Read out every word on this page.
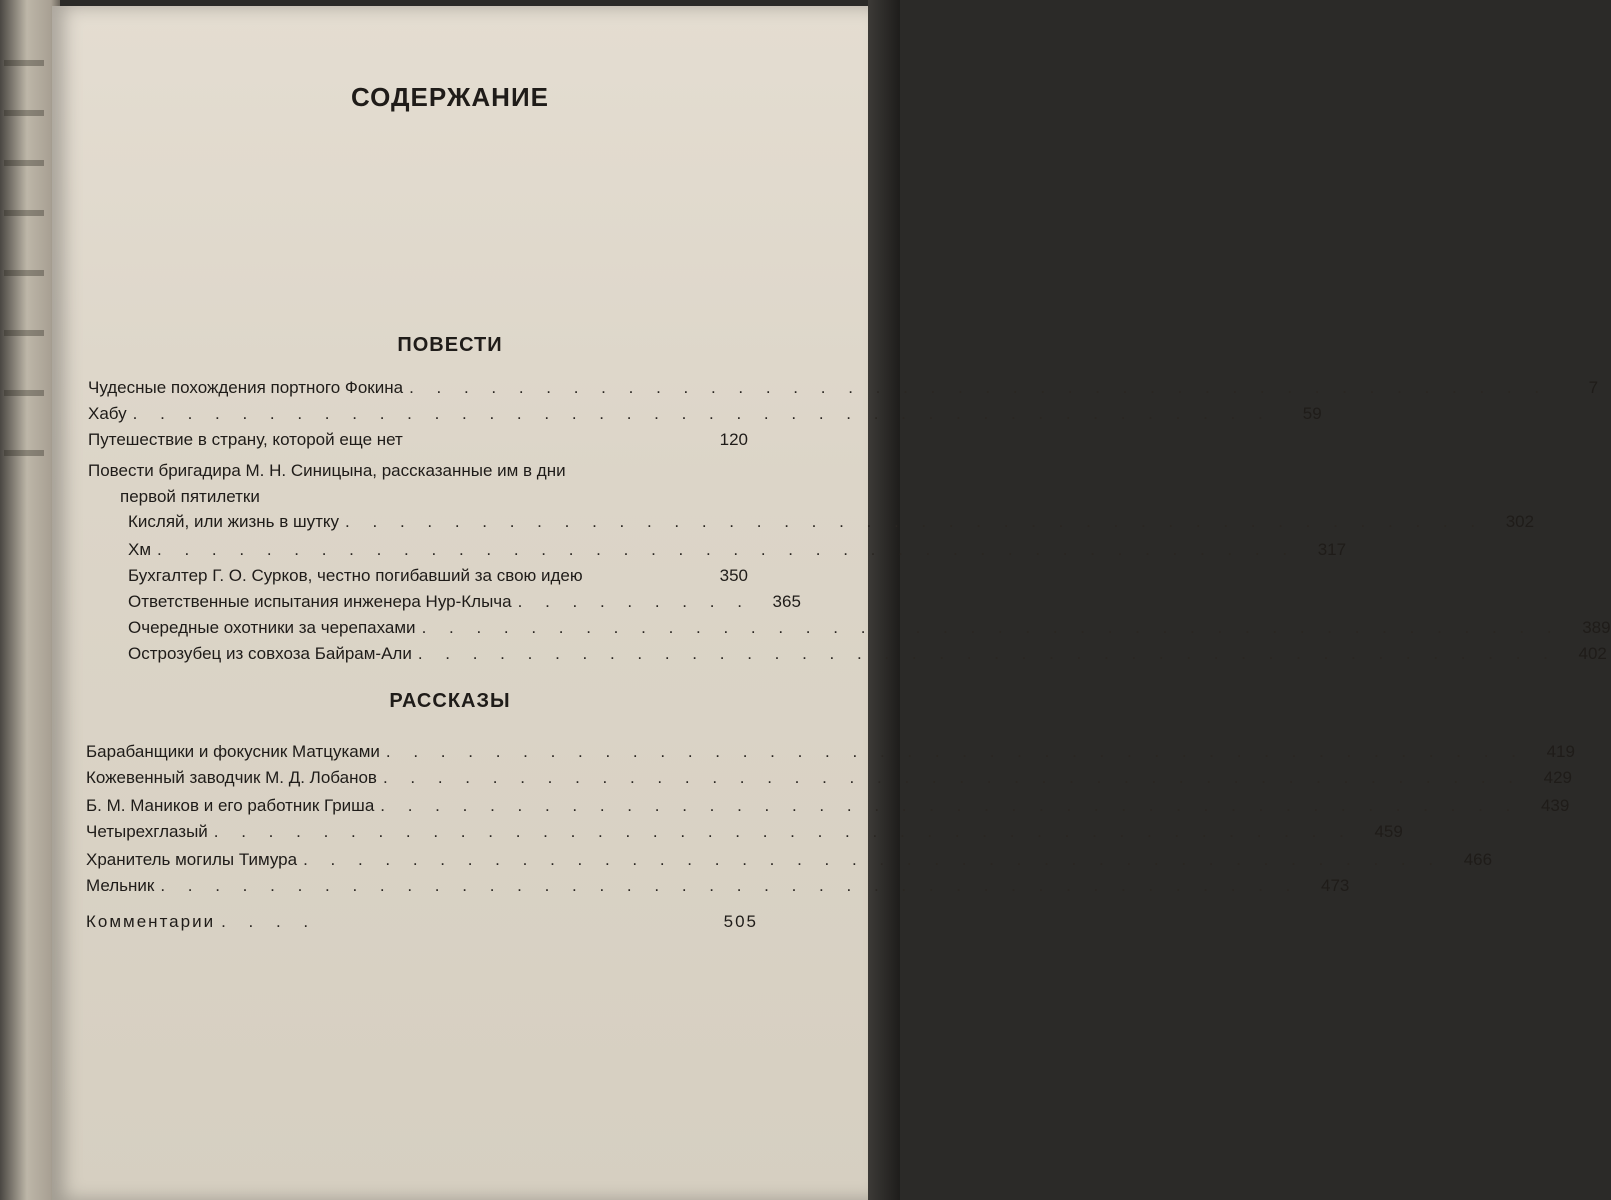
СОДЕРЖАНИЕ
ПОВЕСТИ
Чудесные похождения портного Фокина . . . . . . . . . . . . . . . . . . . . . . . . . . . . . . . . . . . . . . . . . .	7
Хабу . . . . . . . . . . . . . . . . . . . . . . . . . . . . . . . . . . . . . . . . . .	59
Путешествие в страну, которой еще нет	120
Повести бригадира М. Н. Синицына, рассказанные им в дни
первой пятилетки
Кисляй, или жизнь в шутку . . . . . . . . . . . . . . . . . . . . . . . . . . . . . . . . . . . . . . . . . .	302
Хм . . . . . . . . . . . . . . . . . . . . . . . . . . . . . . . . . . . . . . . . . .	317
Бухгалтер Г. О. Сурков, честно погибавший за свою идею	350
Ответственные испытания инженера Нур-Клыча . . . . . . . . .	365
Очередные охотники за черепахами . . . . . . . . . . . . . . . . . . . . . . . . . . . . . . . . . . . . . . . . . .	389
Острозубец из совхоза Байрам-Али . . . . . . . . . . . . . . . . . . . . . . . . . . . . . . . . . . . . . . . . . .	402
РАССКАЗЫ
Барабанщики и фокусник Матцуками . . . . . . . . . . . . . . . . . . . . . . . . . . . . . . . . . . . . . . . . . .	419
Кожевенный заводчик М. Д. Лобанов . . . . . . . . . . . . . . . . . . . . . . . . . . . . . . . . . . . . . . . . . .	429
Б. М. Маников и его работник Гриша . . . . . . . . . . . . . . . . . . . . . . . . . . . . . . . . . . . . . . . . . .	439
Четырехглазый . . . . . . . . . . . . . . . . . . . . . . . . . . . . . . . . . . . . . . . . . .	459
Хранитель могилы Тимура . . . . . . . . . . . . . . . . . . . . . . . . . . . . . . . . . . . . . . . . . .	466
Мельник . . . . . . . . . . . . . . . . . . . . . . . . . . . . . . . . . . . . . . . . . .	473
Комментарии . . . .	505
